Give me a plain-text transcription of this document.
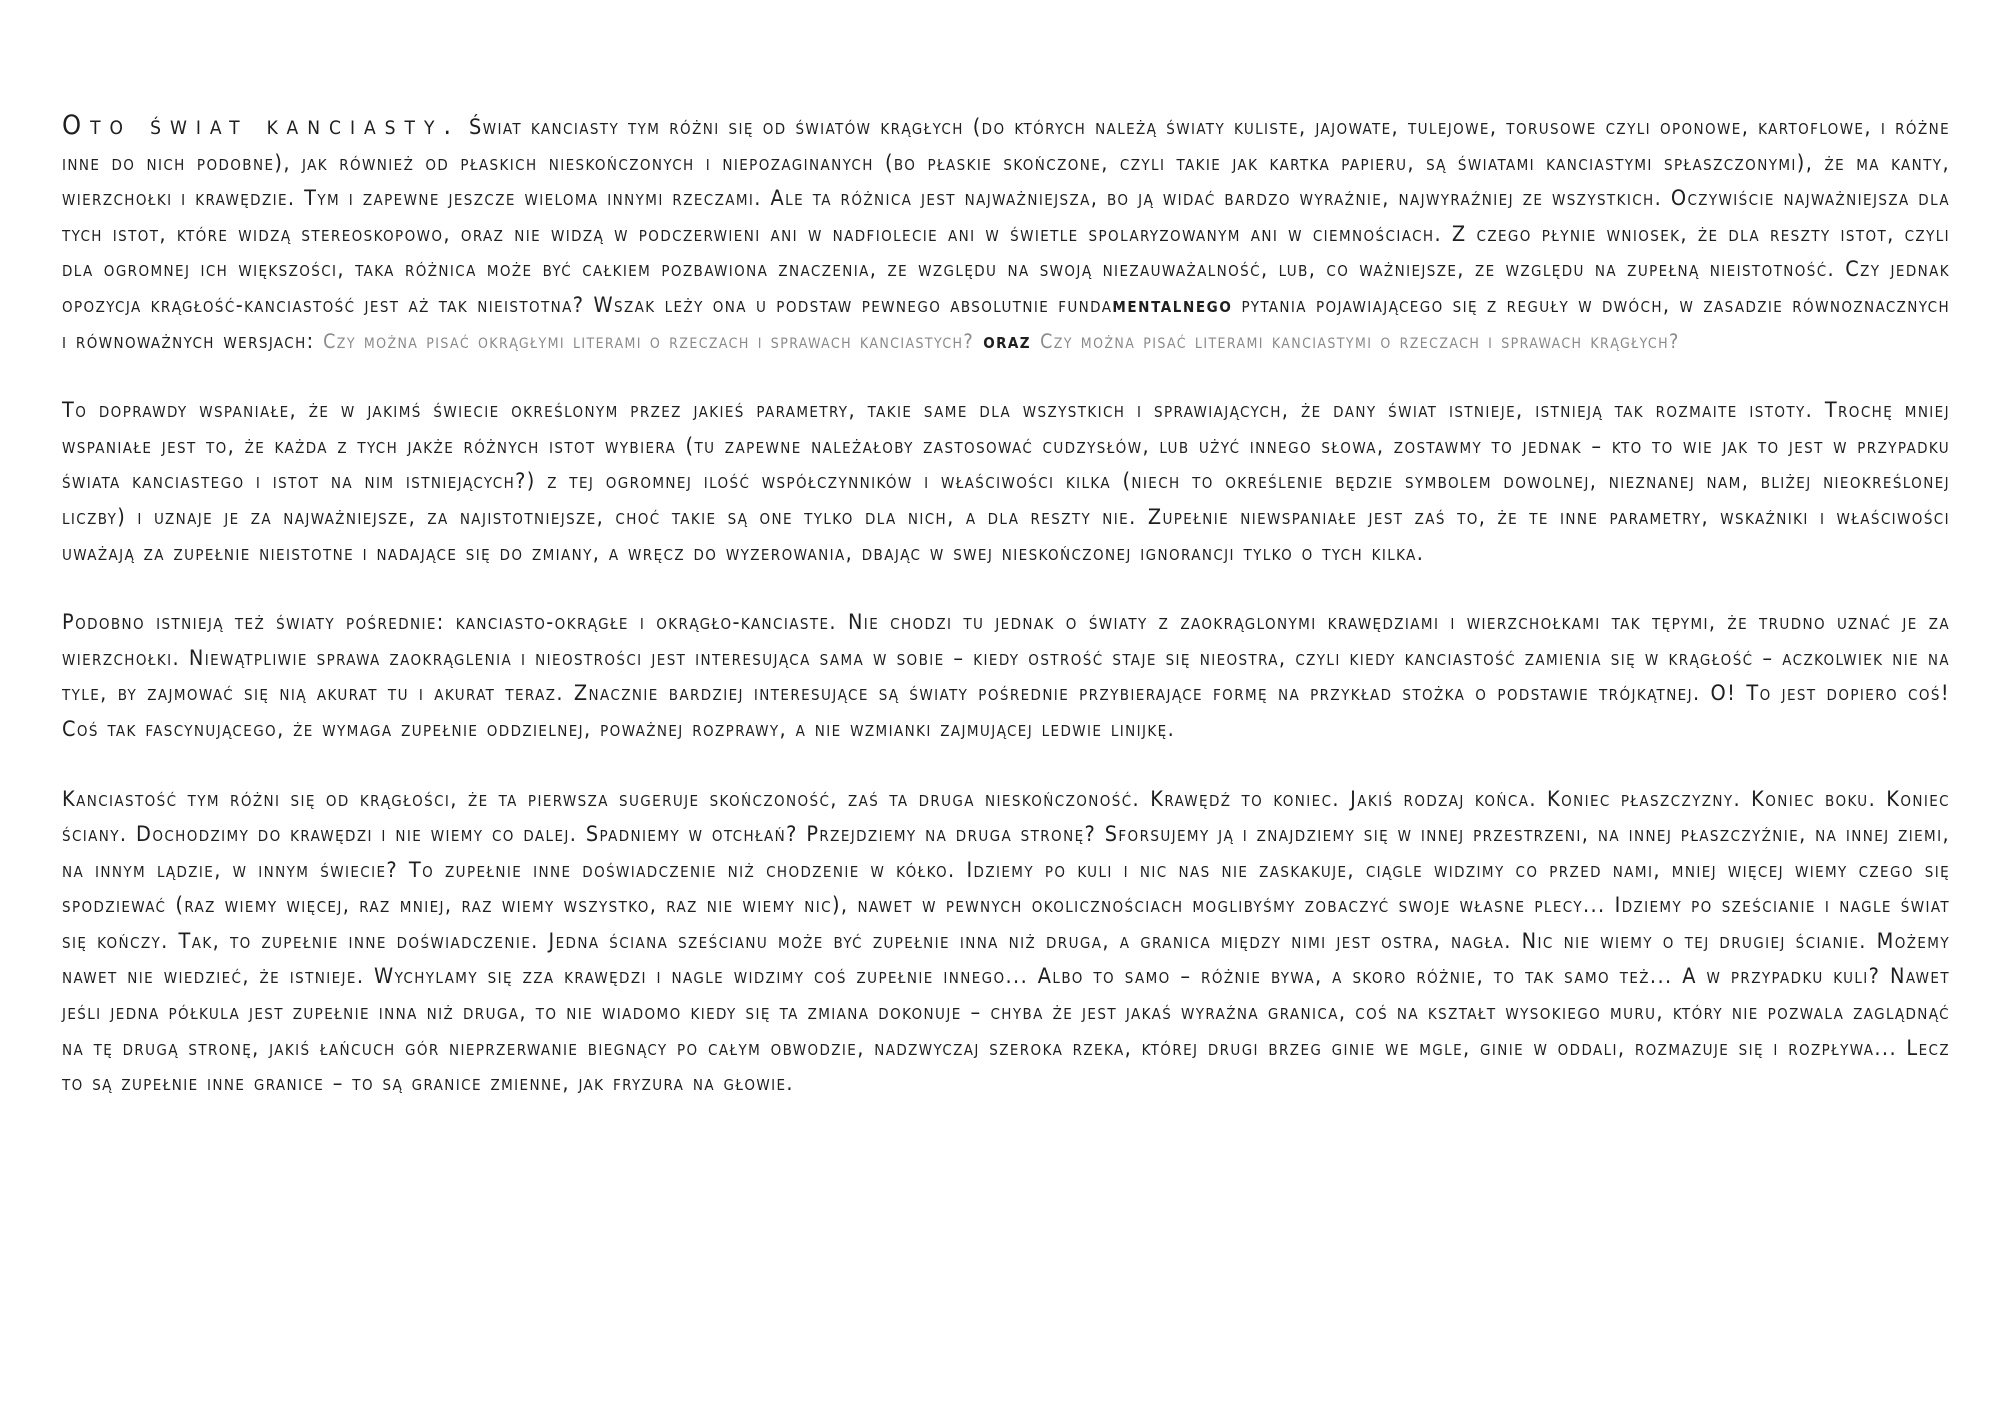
Oto świat kanciasty. Świat kanciasty tym różni się od światów krągłych (do których należą światy kuliste, jajowate, tulejowe, torusowe czyli oponowe, kartoflowe, i różne inne do nich podobne), jak również od płaskich nieskończonych i niepozaginanych (bo płaskie skończone, czyli takie jak kartka papieru, są światami kanciastymi spłaszczonymi), że ma kanty, wierzchołki i krawędzie. Tym i zapewne jeszcze wieloma innymi rzeczami. Ale ta różnica jest najważniejsza, bo ją widać bardzo wyraźnie, najwyraźniej ze wszystkich. Oczywiście najważniejsza dla tych istot, które widzą stereoskopowo, oraz nie widzą w podczerwieni ani w nadfiolecie ani w świetle spolaryzowanym ani w ciemnościach. Z czego płynie wniosek, że dla reszty istot, czyli dla ogromnej ich większości, taka różnica może być całkiem pozbawiona znaczenia, ze względu na swoją niezauważalność, lub, co ważniejsze, ze względu na zupełną nieistotność. Czy jednak opozycja krągłość-kanciastość jest aż tak nieistotna? Wszak leży ona u podstaw pewnego absolutnie fundamentalnego pytania pojawiającego się z reguły w dwóch, w zasadzie równoznacznych i równoważnych wersjach: Czy można pisać okrągłymi literami o rzeczach i sprawach kanciastych? oraz Czy można pisać literami kanciastymi o rzeczach i sprawach krągłych?

To doprawdy wspaniałe, że w jakimś świecie określonym przez jakieś parametry, takie same dla wszystkich i sprawiających, że dany świat istnieje, istnieją tak rozmaite istoty. Trochę mniej wspaniałe jest to, że każda z tych jakże różnych istot wybiera (tu zapewne należałoby zastosować cudzysłów, lub użyć innego słowa, zostawmy to jednak – kto to wie jak to jest w przypadku świata kanciastego i istot na nim istniejących?) z tej ogromnej ilość współczynników i właściwości kilka (niech to określenie będzie symbolem dowolnej, nieznanej nam, bliżej nieokreślonej liczby) i uznaje je za najważniejsze, za najistotniejsze, choć takie są one tylko dla nich, a dla reszty nie. Zupełnie niewspaniałe jest zaś to, że te inne parametry, wskaźniki i właściwości uważają za zupełnie nieistotne i nadające się do zmiany, a wręcz do wyzerowania, dbając w swej nieskończonej ignorancji tylko o tych kilka.

Podobno istnieją też światy pośrednie: kanciasto-okrągłe i okrągło-kanciaste. Nie chodzi tu jednak o światy z zaokrąglonymi krawędziami i wierzchołkami tak tępymi, że trudno uznać je za wierzchołki. Niewątpliwie sprawa zaokrąglenia i nieostrości jest interesująca sama w sobie – kiedy ostrość staje się nieostra, czyli kiedy kanciastość zamienia się w krągłość – aczkolwiek nie na tyle, by zajmować się nią akurat tu i akurat teraz. Znacznie bardziej interesujące są światy pośrednie przybierające formę na przykład stożka o podstawie trójkątnej. O! To jest dopiero coś! Coś tak fascynującego, że wymaga zupełnie oddzielnej, poważnej rozprawy, a nie wzmianki zajmującej ledwie linijkę.

Kanciastość tym różni się od krągłości, że ta pierwsza sugeruje skończoność, zaś ta druga nieskończoność. Krawędź to koniec. Jakiś rodzaj końca. Koniec płaszczyzny. Koniec boku. Koniec ściany. Dochodzimy do krawędzi i nie wiemy co dalej. Spadniemy w otchłań? Przejdziemy na druga stronę? Sforsujemy ją i znajdziemy się w innej przestrzeni, na innej płaszczyźnie, na innej ziemi, na innym lądzie, w innym świecie? To zupełnie inne doświadczenie niż chodzenie w kółko. Idziemy po kuli i nic nas nie zaskakuje, ciągle widzimy co przed nami, mniej więcej wiemy czego się spodziewać (raz wiemy więcej, raz mniej, raz wiemy wszystko, raz nie wiemy nic), nawet w pewnych okolicznościach moglibyśmy zobaczyć swoje własne plecy... Idziemy po sześcianie i nagle świat się kończy. Tak, to zupełnie inne doświadczenie. Jedna ściana sześcianu może być zupełnie inna niż druga, a granica między nimi jest ostra, nagła. Nic nie wiemy o tej drugiej ścianie. Możemy nawet nie wiedzieć, że istnieje. Wychylamy się zza krawędzi i nagle widzimy coś zupełnie innego... Albo to samo – różnie bywa, a skoro różnie, to tak samo też... A w przypadku kuli? Nawet jeśli jedna półkula jest zupełnie inna niż druga, to nie wiadomo kiedy się ta zmiana dokonuje – chyba że jest jakaś wyraźna granica, coś na kształt wysokiego muru, który nie pozwala zaglądnąć na tę drugą stronę, jakiś łańcuch gór nieprzerwanie biegnący po całym obwodzie, nadzwyczaj szeroka rzeka, której drugi brzeg ginie we mgle, ginie w oddali, rozmazuje się i rozpływa... Lecz to są zupełnie inne granice – to są granice zmienne, jak fryzura na głowie.
